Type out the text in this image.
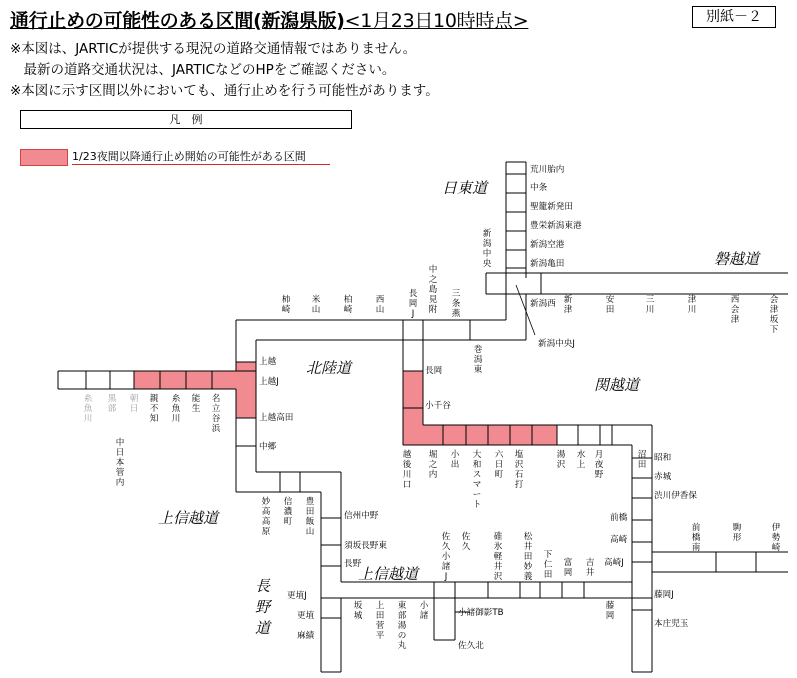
通行止めの可能性のある区間(新潟県版)<1月23日10時時点>	別紙－２
※本図は、JARTICが提供する現況の道路交通情報ではありません。
　最新の道路交通状況は、JARTICなどのHPをご確認ください。
※本図に示す区間以外においても、通行止めを行う可能性があります。
凡　例
1/23夜間以降通行止め開始の可能性がある区間
日東道
磐越道
北陸道
関越道
上信越道
上信越道
長野道
荒川胎内
中条
聖籠新発田
豊栄新潟東港
新潟空港
新潟亀田
新潟西
新潟中央J
長岡
小千谷
上越
上越J
上越高田
中郷
昭和
赤城
渋川伊香保
前橋
高崎
高崎J
藤岡J
本庄児玉
信州中野
須坂長野東
長野
更埴J
更埴
麻績
小諸御影TB
佐久北
新潟中央
新津
安田
三川
津川
西会津
会津坂下
柿崎
米山
柏崎
西山
長岡 J
中之島見附
三条燕
巻潟東
糸魚川
黒部
朝日
親不知
糸魚川
能生
名立谷浜
中日本管内
越後川口
堀之内
小出
大和スマート
六日町
塩沢石打
湯沢
水上
月夜野
沼田
前橋南
駒形
伊勢崎
妙高高原
信濃町
豊田飯山	佐久小諸 J
佐久
碓氷軽井沢
松井田妙義
下仁田
富岡
吉井
藤岡
坂城
上田菅平
東部湯の丸
小諸
